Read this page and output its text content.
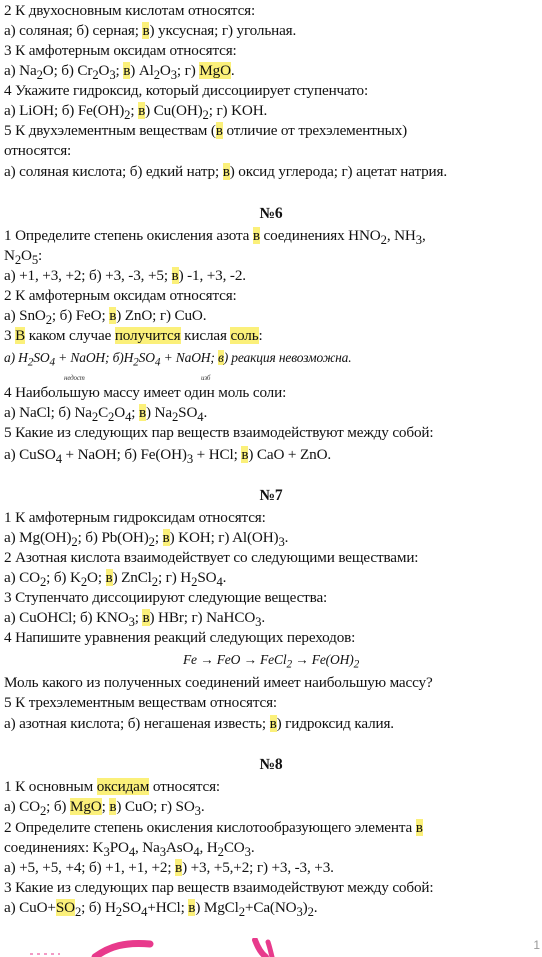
2 К двухосновным кислотам относятся:
а) соляная; б) серная; в) уксусная; г) угольная.
3 К амфотерным оксидам относятся:
а) $Na_2O$; б) $Cr_2O_3$; в) $Al_2O_3$; г) MgO.
4 Укажите гидроксид, который диссоциирует ступенчато:
а) LiOH; б) $Fe(OH)_2$; в) $Cu(OH)_2$; г) KOH.
5 К двухэлементным веществам (в отличие от трехэлементных)
относятся:
а) соляная кислота; б) едкий натр; в) оксид углерода; г) ацетат натрия.
№6
1 Определите степень окисления азота в соединениях $HNO_2$, $NH_3$,
$N_2O_5$:
а) +1, +3, +2; б) +3, -3, +5; в) -1, +3, -2.
2 К амфотерным оксидам относятся:
а) SnO$_2$; б) FeO; в) ZnO; г) CuO.
3 В каком случае получится кислая соль:
а) $H_2SO_4$ + NaOH; $б)H_2SO_4$ + NaOH; в) реакция невозможна.
недост	изб
4 Наибольшую массу имеет один моль соли:
а) NaCl; б) $Na_2C_2O_4$; в) $Na_2SO_4$.
5 Какие из следующих пар веществ взаимодействуют между собой:
а) CuSO$_4$ + NaOH; б) $Fe(OH)_3$ + HCl; в) CaO + ZnO.
№7
1 К амфотерным гидроксидам относятся:
а) $Mg(OH)_2$; б) $Pb(OH)_2$; в) KOH; г) $Al(OH)_3$.
2 Азотная кислота взаимодействует со следующими веществами:
а) $CO_2$; б) $K_2O$; в) ZnCl$_2$; г) $H_2SO_4$.
3 Ступенчато диссоциируют следующие вещества:
а) CuOHCl; б) $KNO_3$; в) HBr; г) NaHCO$_3$.
4 Напишите уравнения реакций следующих переходов:
Fe → FeO → FeCl$_2$ → $Fe(OH)_2$
Моль какого из полученных соединений имеет наибольшую массу?
5 К трехэлементным веществам относятся:
а) азотная кислота; б) негашеная известь; в) гидроксид калия.
№8
1 К основным оксидам относятся:
а) $CO_2$; б) MgO; в) CuO; г) $SO_3$.
2 Определите степень окисления кислотообразующего элемента в
соединениях: $K_3PO_4$, $Na_3AsO_4$, $H_2CO_3$.
а) +5, +5, +4; б) +1, +1, +2; в) +3, +5,+2; г) +3, -3, +3.
3 Какие из следующих пар веществ взаимодействуют между собой:
а) $CuO+SO_2$; б) $H_2SO_4+HCl$; в) $MgCl_2+Ca(NO_3)_2$.
1
